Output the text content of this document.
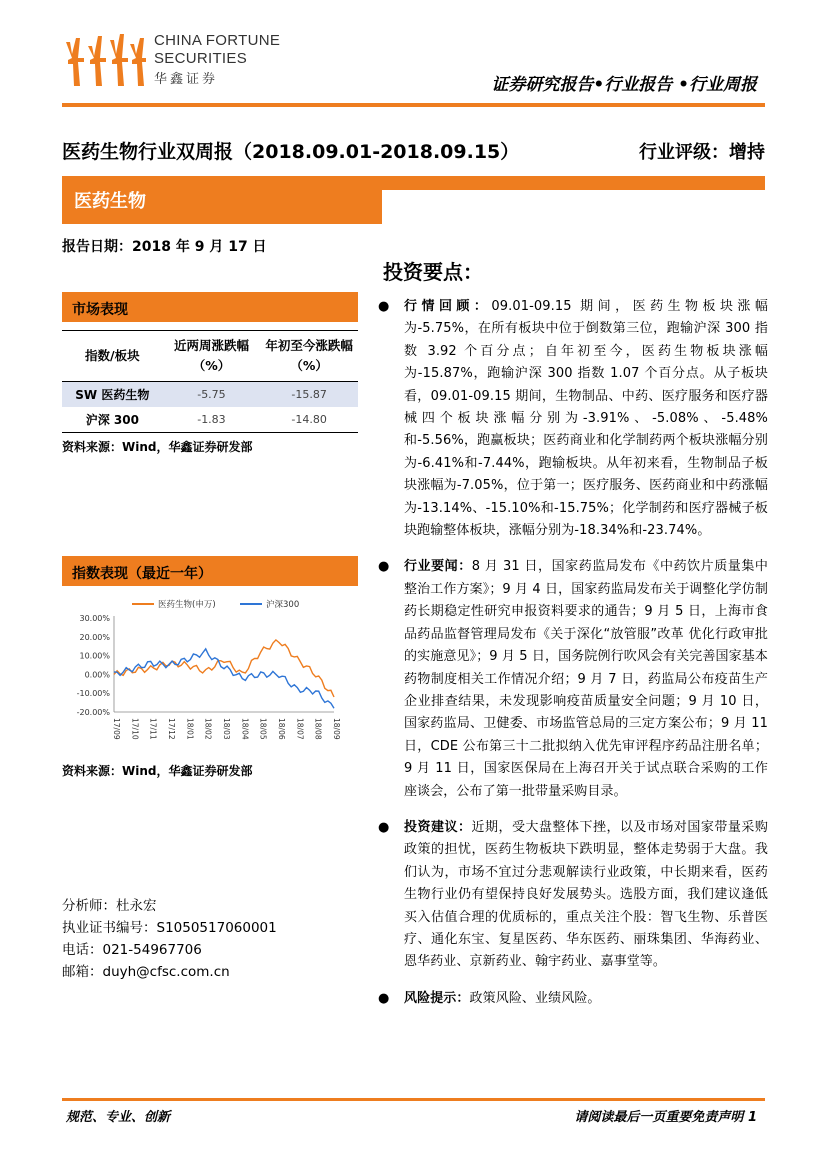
CHINA FORTUNE
SECURITIES
华鑫证券	证券研究报告•行业报告 •行业周报
医药生物行业双周报（2018.09.01-2018.09.15）	行业评级：增持
医药生物
报告日期：2018 年 9 月 17 日
市场表现
指数/板块	近两周涨跌幅（%）	年初至今涨跌幅（%）
SW 医药生物	-5.75	-15.87
沪深 300	-1.83	-14.80
资料来源：Wind，华鑫证券研发部
指数表现（最近一年）
医药生物(申万)	沪深300
30.00%
20.00%
10.00%
0.00%
-10.00%
-20.00%
17/09 17/10 17/11 17/12 18/01 18/02 18/03 18/04 18/05 18/06 18/07 18/08 18/09
资料来源：Wind，华鑫证券研发部
分析师：杜永宏
执业证书编号：S1050517060001
电话：021-54967706
邮箱：duyh@cfsc.com.cn
投资要点：
● 行情回顾：09.01-09.15 期间，医药生物板块涨幅为-5.75%，在所有板块中位于倒数第三位，跑输沪深 300 指数 3.92 个百分点；自年初至今，医药生物板块涨幅为-15.87%，跑输沪深 300 指数 1.07 个百分点。从子板块看，09.01-09.15 期间，生物制品、中药、医疗服务和医疗器械四个板块涨幅分别为-3.91%、-5.08%、-5.48%和-5.56%，跑赢板块；医药商业和化学制药两个板块涨幅分别为-6.41%和-7.44%，跑输板块。从年初来看，生物制品子板块涨幅为-7.05%，位于第一；医疗服务、医药商业和中药涨幅为-13.14%、-15.10%和-15.75%；化学制药和医疗器械子板块跑输整体板块，涨幅分别为-18.34%和-23.74%。
● 行业要闻：8 月 31 日，国家药监局发布《中药饮片质量集中整治工作方案》；9 月 4 日，国家药监局发布关于调整化学仿制药长期稳定性研究申报资料要求的通告；9 月 5 日，上海市食品药品监督管理局发布《关于深化“放管服”改革 优化行政审批的实施意见》；9 月 5 日，国务院例行吹风会有关完善国家基本药物制度相关工作情况介绍；9 月 7 日，药监局公布疫苗生产企业排查结果，未发现影响疫苗质量安全问题；9 月 10 日，国家药监局、卫健委、市场监管总局的三定方案公布；9 月 11 日，CDE 公布第三十二批拟纳入优先审评程序药品注册名单；9 月 11 日，国家医保局在上海召开关于试点联合采购的工作座谈会，公布了第一批带量采购目录。
● 投资建议：近期，受大盘整体下挫，以及市场对国家带量采购政策的担忧，医药生物板块下跌明显，整体走势弱于大盘。我们认为，市场不宜过分悲观解读行业政策，中长期来看，医药生物行业仍有望保持良好发展势头。选股方面，我们建议逢低买入估值合理的优质标的，重点关注个股：智飞生物、乐普医疗、通化东宝、复星医药、华东医药、丽珠集团、华海药业、恩华药业、京新药业、翰宇药业、嘉事堂等。
● 风险提示：政策风险、业绩风险。
规范、专业、创新	请阅读最后一页重要免责声明 1
